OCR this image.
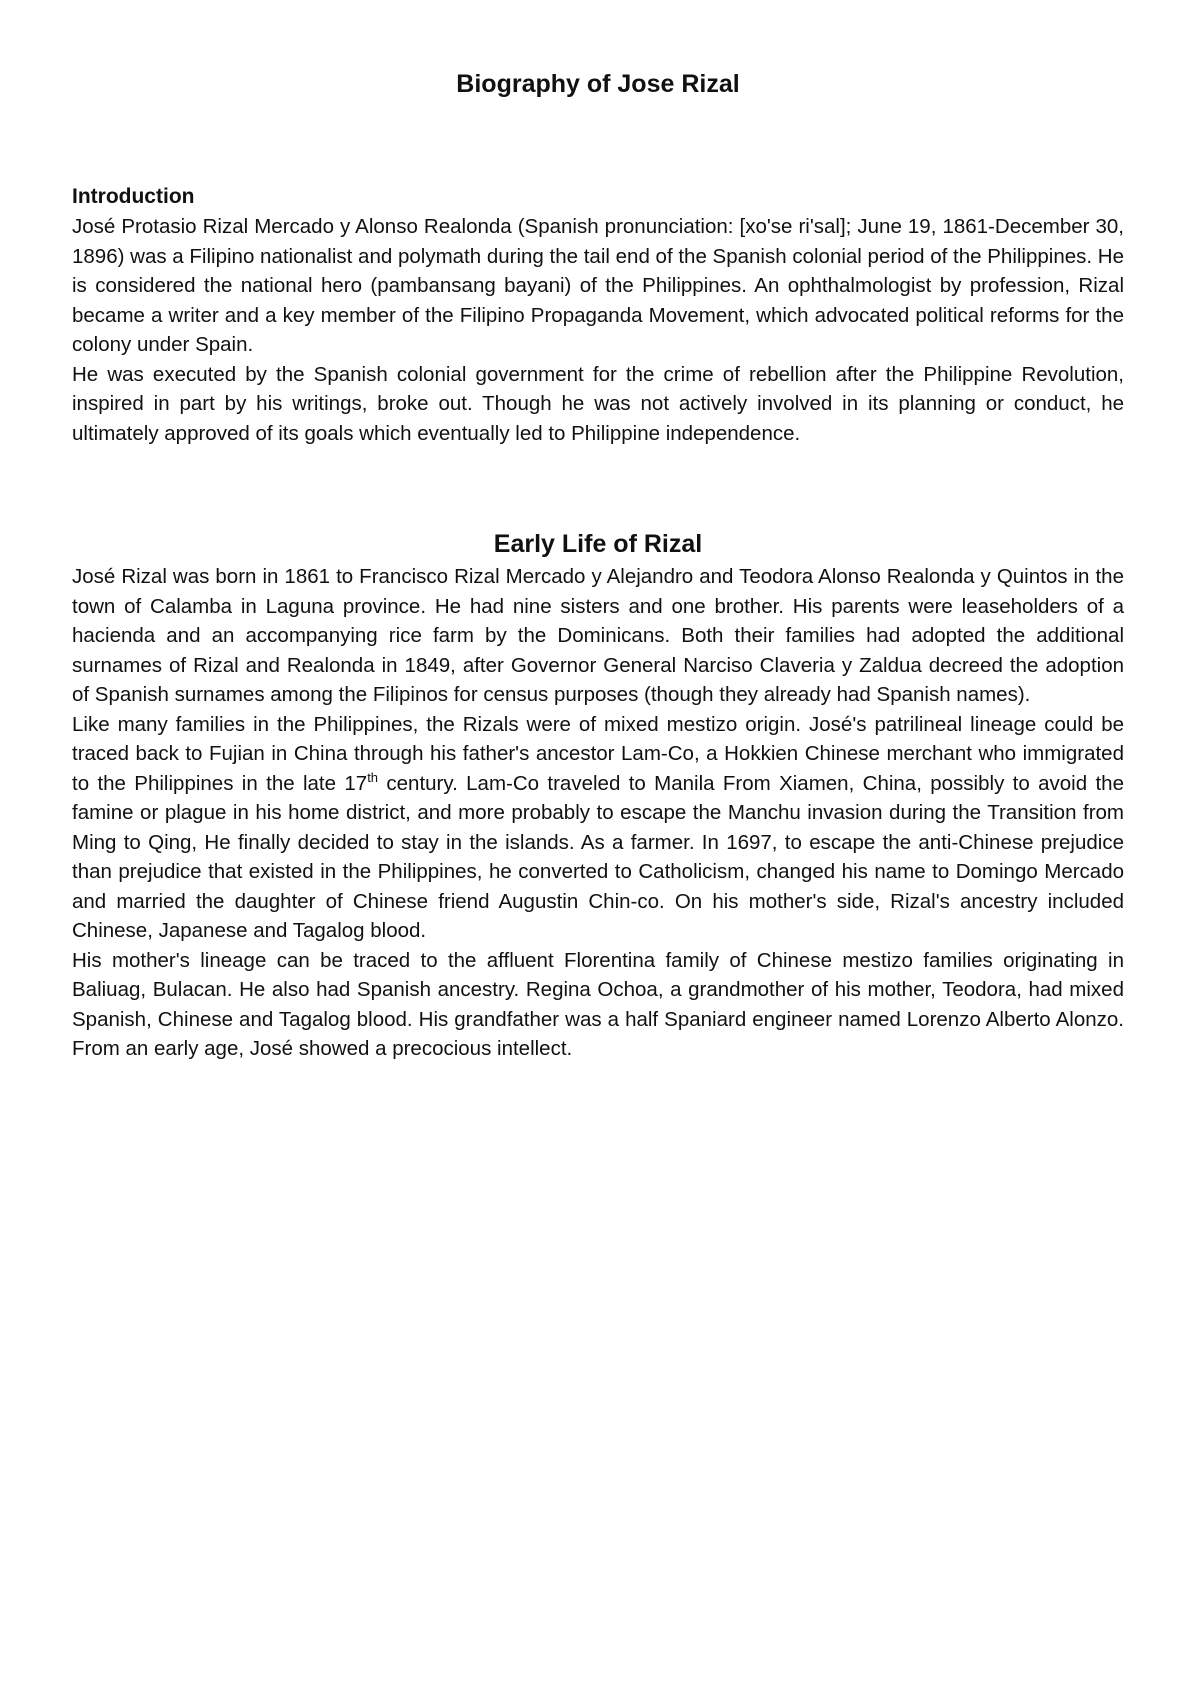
Biography of Jose Rizal
Introduction

José Protasio Rizal Mercado y Alonso Realonda (Spanish pronunciation: [xo'se ri'sal]; June 19, 1861-December 30, 1896) was a Filipino nationalist and polymath during the tail end of the Spanish colonial period of the Philippines. He is considered the national hero (pambansang bayani) of the Philippines. An ophthalmologist by profession, Rizal became a writer and a key member of the Filipino Propaganda Movement, which advocated political reforms for the colony under Spain.

He was executed by the Spanish colonial government for the crime of rebellion after the Philippine Revolution, inspired in part by his writings, broke out. Though he was not actively involved in its planning or conduct, he ultimately approved of its goals which eventually led to Philippine independence.

Early Life of Rizal

José Rizal was born in 1861 to Francisco Rizal Mercado y Alejandro and Teodora Alonso Realonda y Quintos in the town of Calamba in Laguna province. He had nine sisters and one brother. His parents were leaseholders of a hacienda and an accompanying rice farm by the Dominicans. Both their families had adopted the additional surnames of Rizal and Realonda in 1849, after Governor General Narciso Claveria y Zaldua decreed the adoption of Spanish surnames among the Filipinos for census purposes (though they already had Spanish names).

Like many families in the Philippines, the Rizals were of mixed mestizo origin. José's patrilineal lineage could be traced back to Fujian in China through his father's ancestor Lam-Co, a Hokkien Chinese merchant who immigrated to the Philippines in the late 17th century. Lam-Co traveled to Manila From Xiamen, China, possibly to avoid the famine or plague in his home district, and more probably to escape the Manchu invasion during the Transition from Ming to Qing, He finally decided to stay in the islands. As a farmer. In 1697, to escape the anti-Chinese prejudice than prejudice that existed in the Philippines, he converted to Catholicism, changed his name to Domingo Mercado and married the daughter of Chinese friend Augustin Chin-co. On his mother's side, Rizal's ancestry included Chinese, Japanese and Tagalog blood.

His mother's lineage can be traced to the affluent Florentina family of Chinese mestizo families originating in Baliuag, Bulacan. He also had Spanish ancestry. Regina Ochoa, a grandmother of his mother, Teodora, had mixed Spanish, Chinese and Tagalog blood. His grandfather was a half Spaniard engineer named Lorenzo Alberto Alonzo. From an early age, José showed a precocious intellect.
